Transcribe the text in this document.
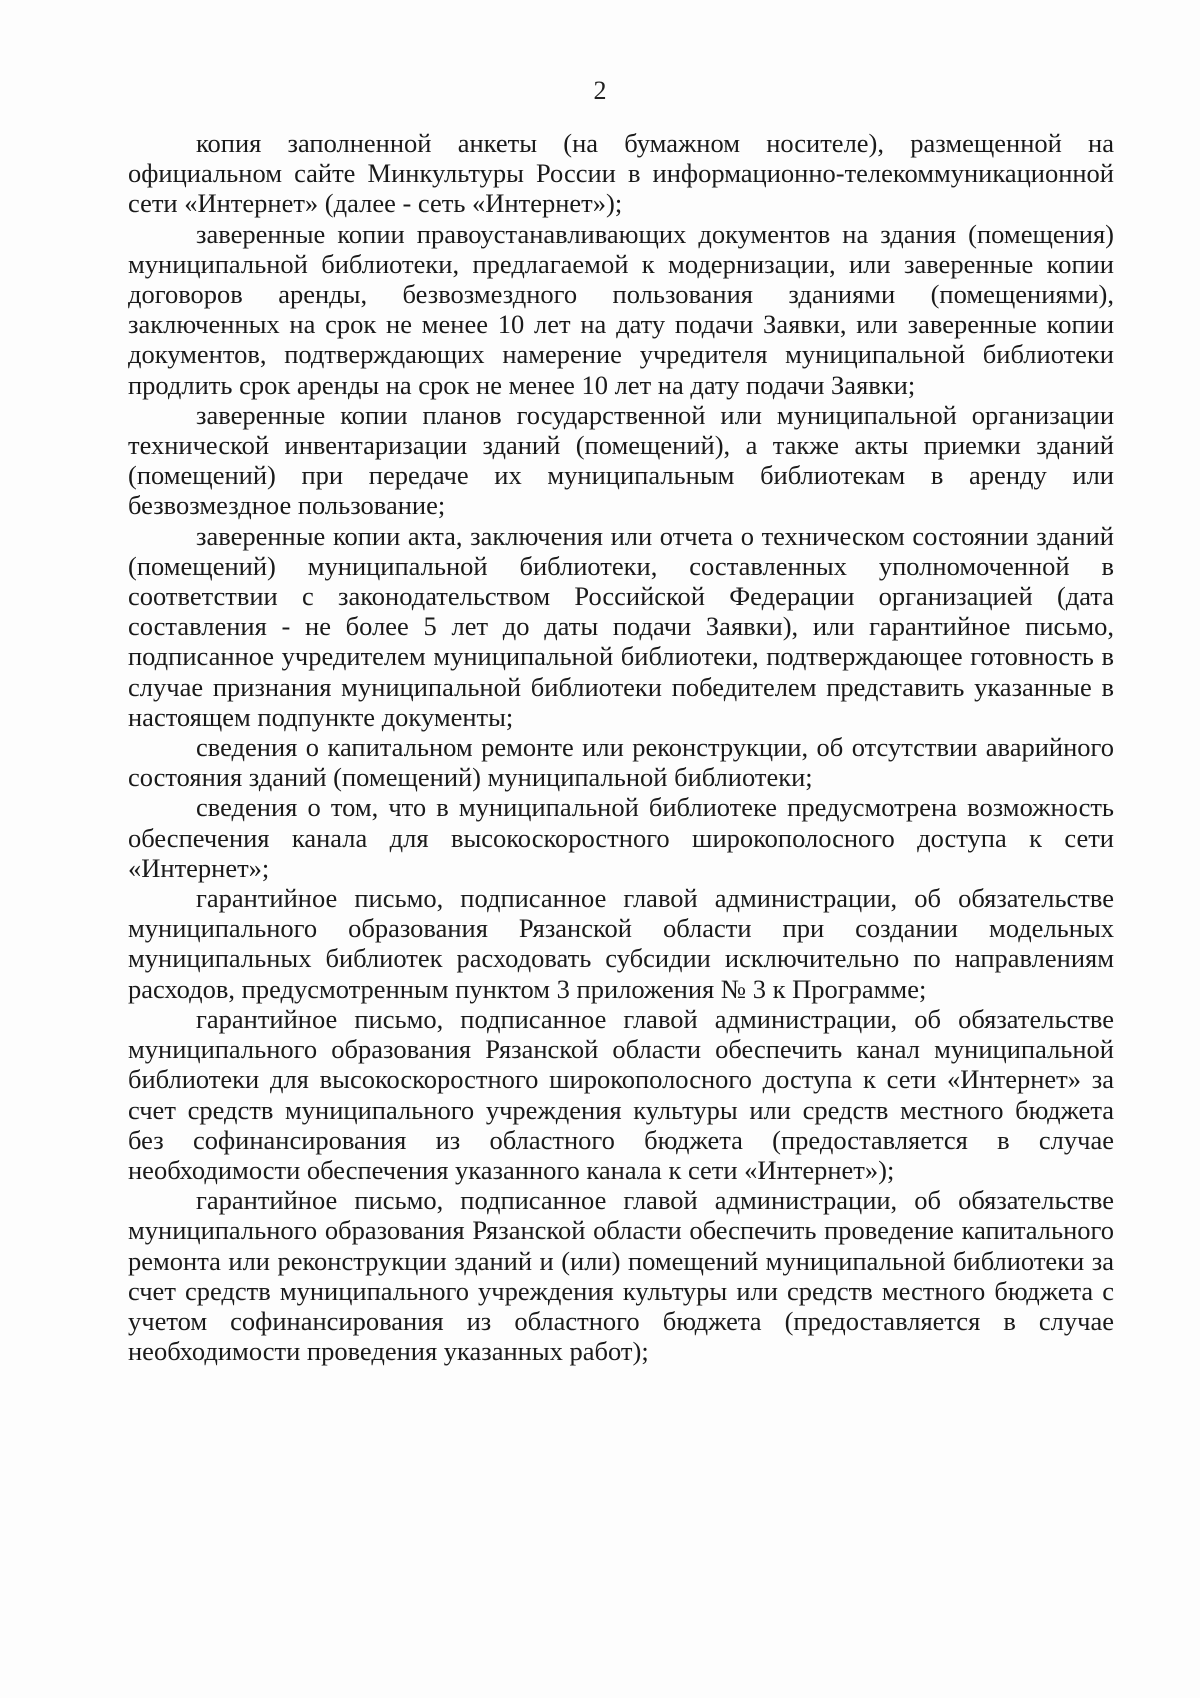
2

копия заполненной анкеты (на бумажном носителе), размещенной на официальном сайте Минкультуры России в информационно-телекоммуникационной сети «Интернет» (далее - сеть «Интернет»);

заверенные копии правоустанавливающих документов на здания (помещения) муниципальной библиотеки, предлагаемой к модернизации, или заверенные копии договоров аренды, безвозмездного пользования зданиями (помещениями), заключенных на срок не менее 10 лет на дату подачи Заявки, или заверенные копии документов, подтверждающих намерение учредителя муниципальной библиотеки продлить срок аренды на срок не менее 10 лет на дату подачи Заявки;

заверенные копии планов государственной или муниципальной организации технической инвентаризации зданий (помещений), а также акты приемки зданий (помещений) при передаче их муниципальным библиотекам в аренду или безвозмездное пользование;

заверенные копии акта, заключения или отчета о техническом состоянии зданий (помещений) муниципальной библиотеки, составленных уполномоченной в соответствии с законодательством Российской Федерации организацией (дата составления - не более 5 лет до даты подачи Заявки), или гарантийное письмо, подписанное учредителем муниципальной библиотеки, подтверждающее готовность в случае признания муниципальной библиотеки победителем представить указанные в настоящем подпункте документы;

сведения о капитальном ремонте или реконструкции, об отсутствии аварийного состояния зданий (помещений) муниципальной библиотеки;

сведения о том, что в муниципальной библиотеке предусмотрена возможность обеспечения канала для высокоскоростного широкополосного доступа к сети «Интернет»;

гарантийное письмо, подписанное главой администрации, об обязательстве муниципального образования Рязанской области при создании модельных муниципальных библиотек расходовать субсидии исключительно по направлениям расходов, предусмотренным пунктом 3 приложения № 3 к Программе;

гарантийное письмо, подписанное главой администрации, об обязательстве муниципального образования Рязанской области обеспечить канал муниципальной библиотеки для высокоскоростного широкополосного доступа к сети «Интернет» за счет средств муниципального учреждения культуры или средств местного бюджета без софинансирования из областного бюджета (предоставляется в случае необходимости обеспечения указанного канала к сети «Интернет»);

гарантийное письмо, подписанное главой администрации, об обязательстве муниципального образования Рязанской области обеспечить проведение капитального ремонта или реконструкции зданий и (или) помещений муниципальной библиотеки за счет средств муниципального учреждения культуры или средств местного бюджета с учетом софинансирования из областного бюджета (предоставляется в случае необходимости проведения указанных работ);
